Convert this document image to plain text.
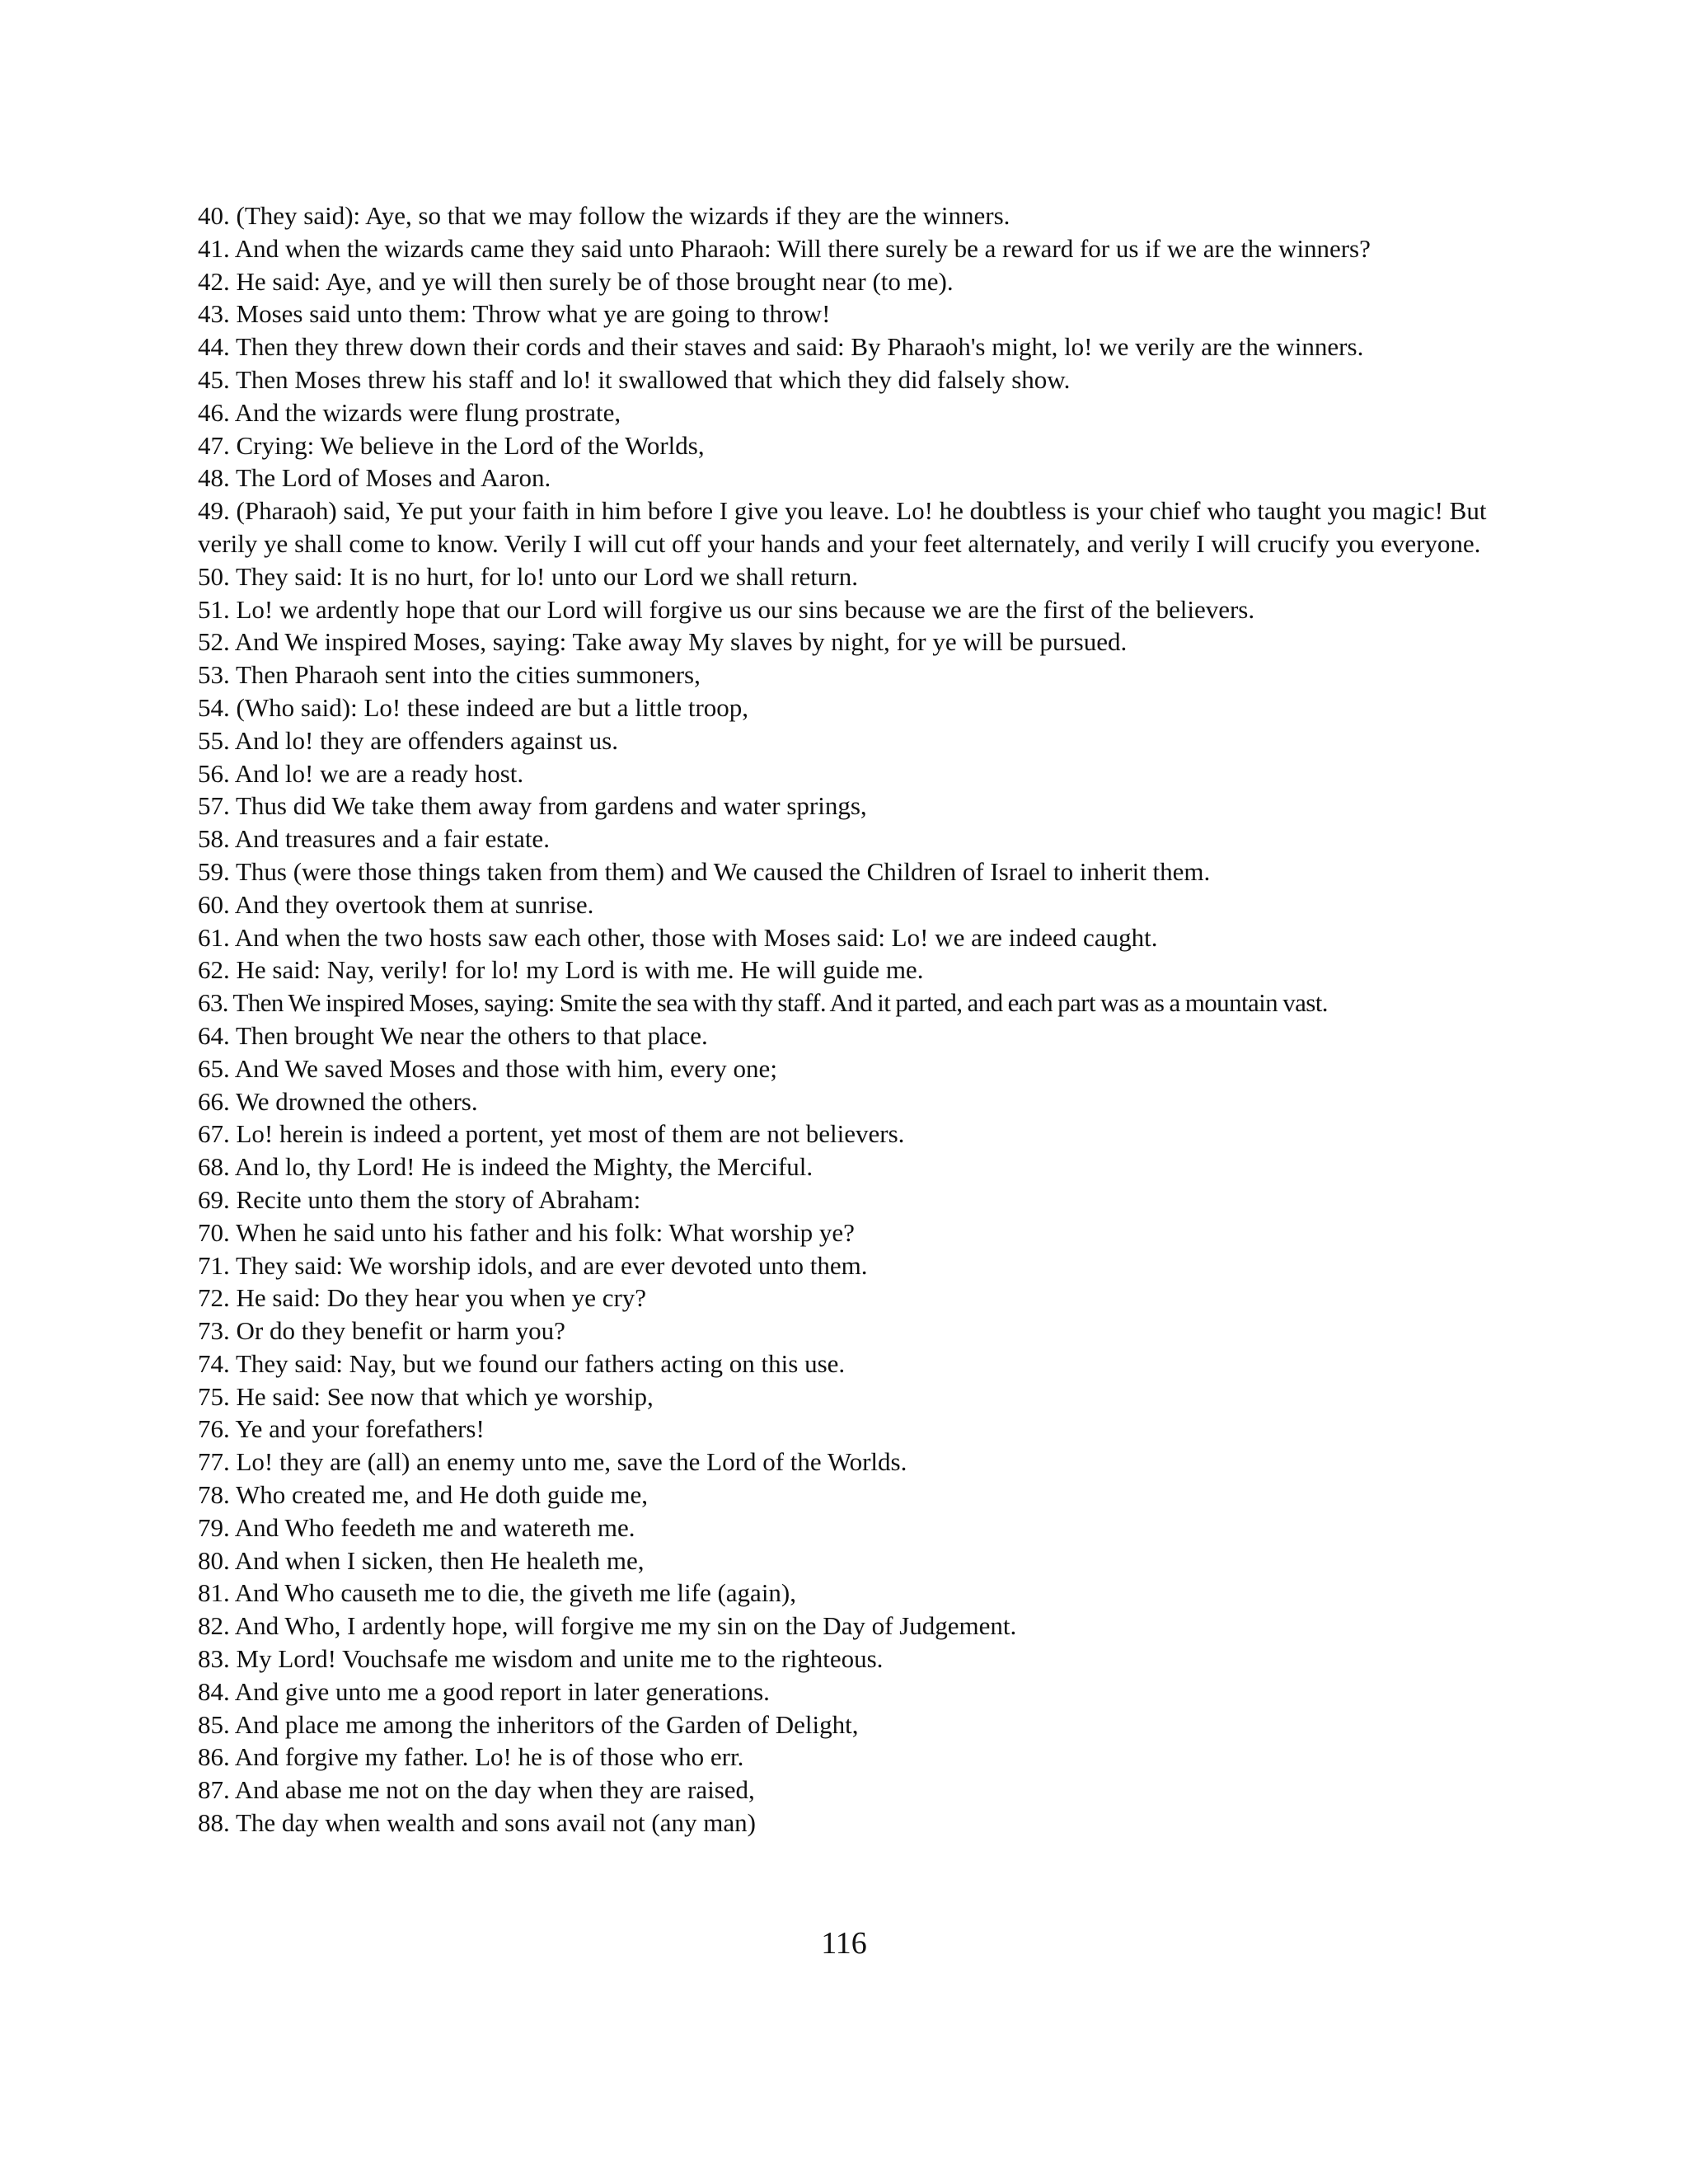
40. (They said): Aye, so that we may follow the wizards if they are the winners.
41. And when the wizards came they said unto Pharaoh: Will there surely be a reward for us if we are the winners?
42. He said: Aye, and ye will then surely be of those brought near (to me).
43. Moses said unto them: Throw what ye are going to throw!
44. Then they threw down their cords and their staves and said: By Pharaoh's might, lo! we verily are the winners.
45. Then Moses threw his staff and lo! it swallowed that which they did falsely show.
46. And the wizards were flung prostrate,
47. Crying: We believe in the Lord of the Worlds,
48. The Lord of Moses and Aaron.
49. (Pharaoh) said, Ye put your faith in him before I give you leave. Lo! he doubtless is your chief who taught you magic! But verily ye shall come to know. Verily I will cut off your hands and your feet alternately, and verily I will crucify you everyone.
50. They said: It is no hurt, for lo! unto our Lord we shall return.
51. Lo! we ardently hope that our Lord will forgive us our sins because we are the first of the believers.
52. And We inspired Moses, saying: Take away My slaves by night, for ye will be pursued.
53. Then Pharaoh sent into the cities summoners,
54. (Who said): Lo! these indeed are but a little troop,
55. And lo! they are offenders against us.
56. And lo! we are a ready host.
57. Thus did We take them away from gardens and water springs,
58. And treasures and a fair estate.
59. Thus (were those things taken from them) and We caused the Children of Israel to inherit them.
60. And they overtook them at sunrise.
61. And when the two hosts saw each other, those with Moses said: Lo! we are indeed caught.
62. He said: Nay, verily! for lo! my Lord is with me. He will guide me.
63. Then We inspired Moses, saying: Smite the sea with thy staff. And it parted, and each part was as a mountain vast.
64. Then brought We near the others to that place.
65. And We saved Moses and those with him, every one;
66. We drowned the others.
67. Lo! herein is indeed a portent, yet most of them are not believers.
68. And lo, thy Lord! He is indeed the Mighty, the Merciful.
69. Recite unto them the story of Abraham:
70. When he said unto his father and his folk: What worship ye?
71. They said: We worship idols, and are ever devoted unto them.
72. He said: Do they hear you when ye cry?
73. Or do they benefit or harm you?
74. They said: Nay, but we found our fathers acting on this use.
75. He said: See now that which ye worship,
76. Ye and your forefathers!
77. Lo! they are (all) an enemy unto me, save the Lord of the Worlds.
78. Who created me, and He doth guide me,
79. And Who feedeth me and watereth me.
80. And when I sicken, then He healeth me,
81. And Who causeth me to die, the giveth me life (again),
82. And Who, I ardently hope, will forgive me my sin on the Day of Judgement.
83. My Lord! Vouchsafe me wisdom and unite me to the righteous.
84. And give unto me a good report in later generations.
85. And place me among the inheritors of the Garden of Delight,
86. And forgive my father. Lo! he is of those who err.
87. And abase me not on the day when they are raised,
88. The day when wealth and sons avail not (any man)
116
